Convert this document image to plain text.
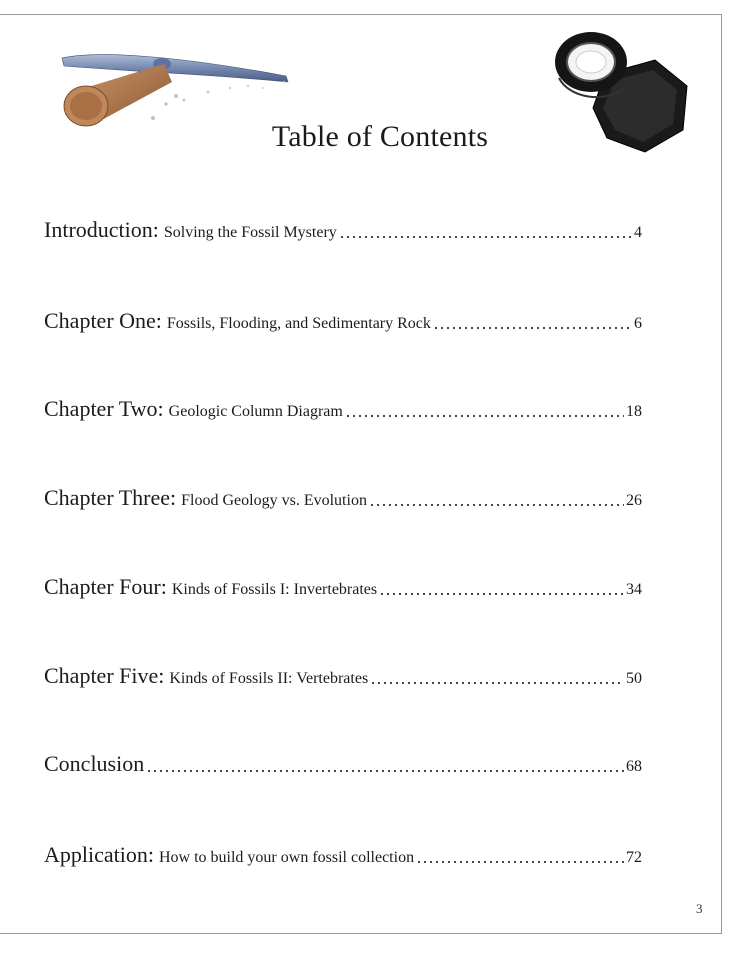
Table of Contents
Introduction: Solving the Fossil Mystery	4
Chapter One: Fossils, Flooding, and Sedimentary Rock	6
Chapter Two: Geologic Column Diagram	18
Chapter Three: Flood Geology vs. Evolution	26
Chapter Four: Kinds of Fossils I: Invertebrates	34
Chapter Five: Kinds of Fossils II: Vertebrates	50
Conclusion	68
Application: How to build your own fossil collection	72
3
